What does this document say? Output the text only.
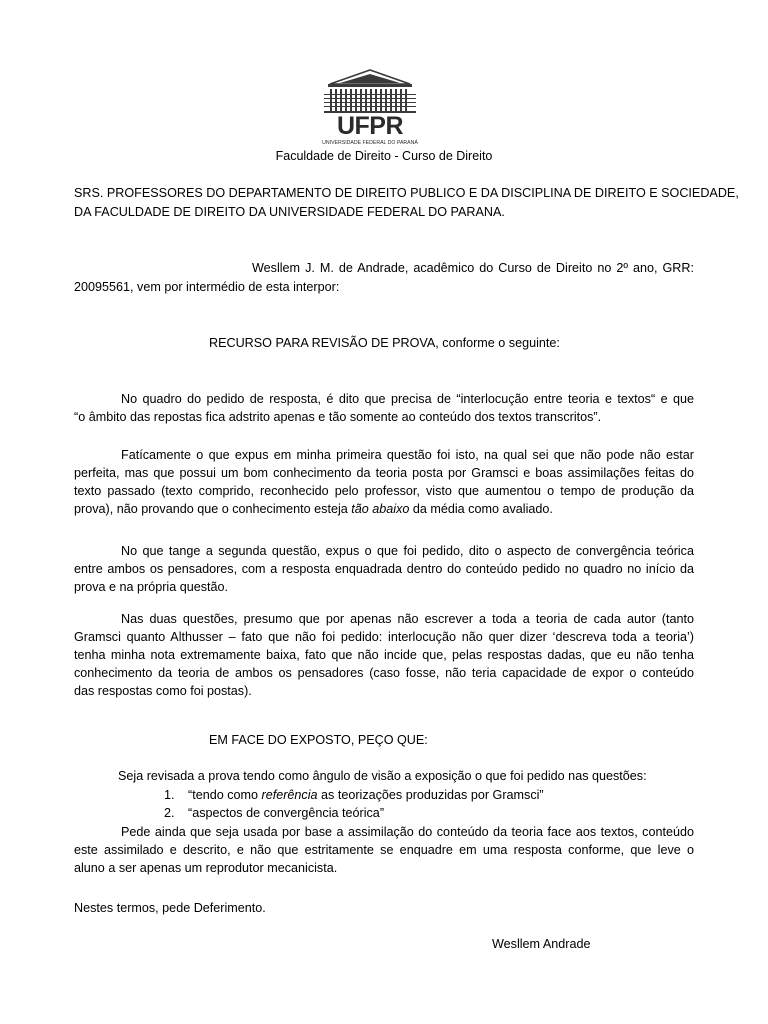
UFPR
UNIVERSIDADE FEDERAL DO PARANÁ
Faculdade de Direito - Curso de Direito
SRS. PROFESSORES DO DEPARTAMENTO DE DIREITO PUBLICO E DA DISCIPLINA DE DIREITO E SOCIEDADE,
DA FACULDADE DE DIREITO DA UNIVERSIDADE FEDERAL DO PARANA.
Wesllem J. M. de Andrade, acadêmico do Curso de Direito no 2º ano, GRR:
20095561, vem por intermédio de esta interpor:
RECURSO PARA REVISÃO DE PROVA, conforme o seguinte:
No quadro do pedido de resposta, é dito que precisa de “interlocução entre teoria e textos“ e que
“o âmbito das repostas fica adstrito apenas e tão somente ao conteúdo dos textos transcritos”.
Fatícamente o que expus em minha primeira questão foi isto, na qual sei que não pode não estar
perfeita, mas que possui um bom conhecimento da teoria posta por Gramsci e boas assimilações feitas do
texto passado (texto comprido, reconhecido pelo professor, visto que aumentou o tempo de produção da
prova), não provando que o conhecimento esteja tão abaixo da média como avaliado.
No que tange a segunda questão, expus o que foi pedido, dito o aspecto de convergência teórica
entre ambos os pensadores, com a resposta enquadrada dentro do conteúdo pedido no quadro no início da
prova e na própria questão.
Nas duas questões, presumo que por apenas não escrever a toda a teoria de cada autor (tanto
Gramsci quanto Althusser – fato que não foi pedido: interlocução não quer dizer ‘descreva toda a teoria’)
tenha minha nota extremamente baixa, fato que não incide que, pelas respostas dadas, que eu não tenha
conhecimento da teoria de ambos os pensadores (caso fosse, não teria capacidade de expor o conteúdo
das respostas como foi postas).
EM FACE DO EXPOSTO, PEÇO QUE:
Seja revisada a prova tendo como ângulo de visão a exposição o que foi pedido nas questões:
1. “tendo como referência as teorizações produzidas por Gramsci”
2. “aspectos de convergência teórica”
Pede ainda que seja usada por base a assimilação do conteúdo da teoria face aos textos, conteúdo
este assimilado e descrito, e não que estritamente se enquadre em uma resposta conforme, que leve o
aluno a ser apenas um reprodutor mecanicista.
Nestes termos, pede Deferimento.
Wesllem Andrade
